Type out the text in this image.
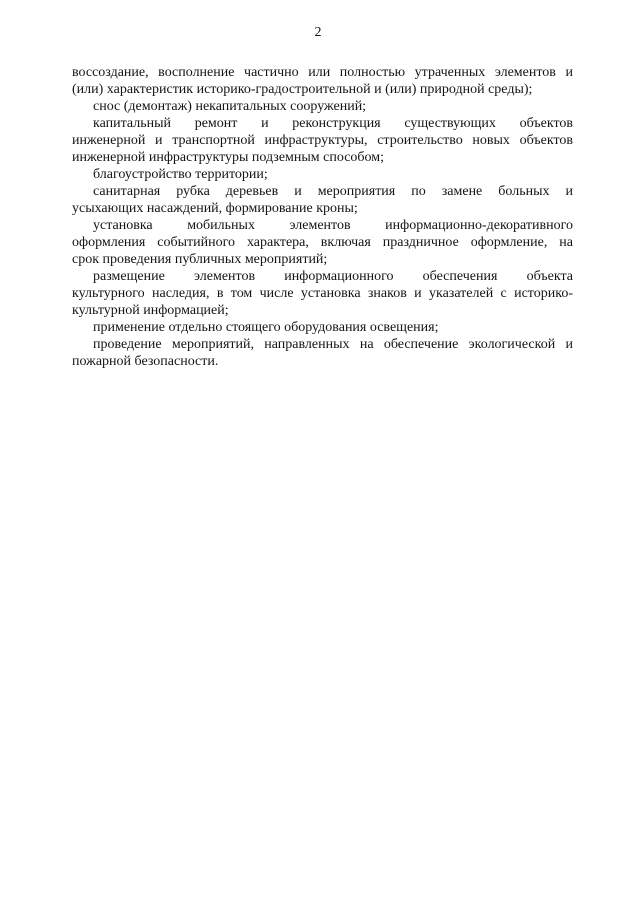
2
воссоздание, восполнение частично или полностью утраченных элементов и
(или) характеристик историко-градостроительной и (или) природной среды);
снос (демонтаж) некапитальных сооружений;
капитальный ремонт и реконструкция существующих объектов
инженерной и транспортной инфраструктуры, строительство новых объектов
инженерной инфраструктуры подземным способом;
благоустройство территории;
санитарная рубка деревьев и мероприятия по замене больных и
усыхающих насаждений, формирование кроны;
установка мобильных элементов информационно-декоративного
оформления событийного характера, включая праздничное оформление, на
срок проведения публичных мероприятий;
размещение элементов информационного обеспечения объекта
культурного наследия, в том числе установка знаков и указателей с историко-
культурной информацией;
применение отдельно стоящего оборудования освещения;
проведение мероприятий, направленных на обеспечение экологической и
пожарной безопасности.
